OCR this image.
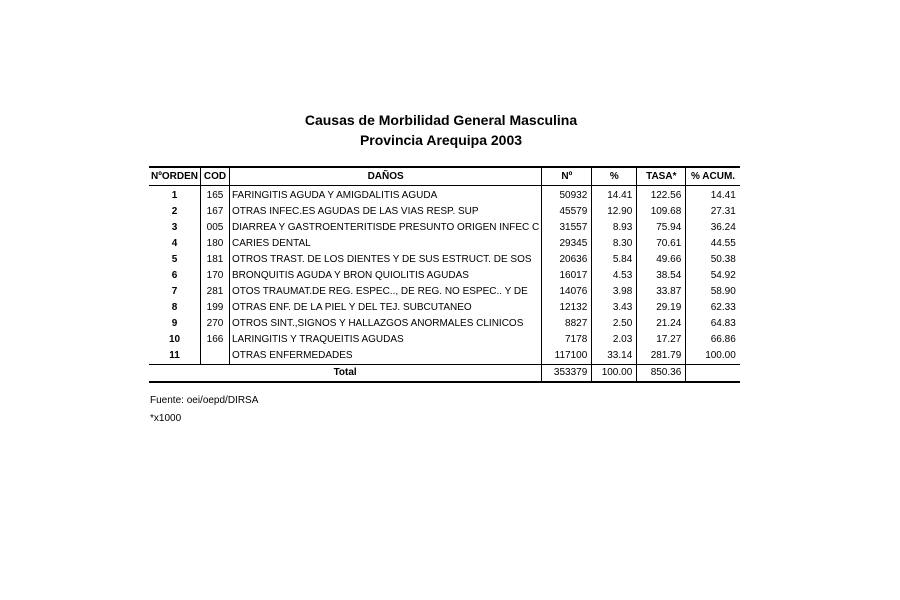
Causas de Morbilidad General Masculina
Provincia Arequipa 2003
NºORDEN	COD	DAÑOS	Nº	%	TASA*	% ACUM.
1	165	FARINGITIS AGUDA Y AMIGDALITIS AGUDA	50932	14.41	122.56	14.41
2	167	OTRAS INFEC.ES AGUDAS DE LAS VIAS RESP. SUP	45579	12.90	109.68	27.31
3	005	DIARREA Y GASTROENTERITISDE PRESUNTO ORIGEN INFEC C	31557	8.93	75.94	36.24
4	180	CARIES DENTAL	29345	8.30	70.61	44.55
5	181	OTROS TRAST. DE LOS DIENTES Y DE SUS ESTRUCT. DE SOS	20636	5.84	49.66	50.38
6	170	BRONQUITIS AGUDA Y BRON QUIOLITIS AGUDAS	16017	4.53	38.54	54.92
7	281	OTOS TRAUMAT.DE REG. ESPEC.., DE REG. NO ESPEC.. Y DE	14076	3.98	33.87	58.90
8	199	OTRAS ENF. DE LA PIEL Y DEL TEJ. SUBCUTANEO	12132	3.43	29.19	62.33
9	270	OTROS SINT.,SIGNOS Y HALLAZGOS ANORMALES CLINICOS	8827	2.50	21.24	64.83
10	166	LARINGITIS Y TRAQUEITIS AGUDAS	7178	2.03	17.27	66.86
11		OTRAS ENFERMEDADES	117100	33.14	281.79	100.00
Total			353379	100.00	850.36	
Fuente: oei/oepd/DIRSA
*x1000
